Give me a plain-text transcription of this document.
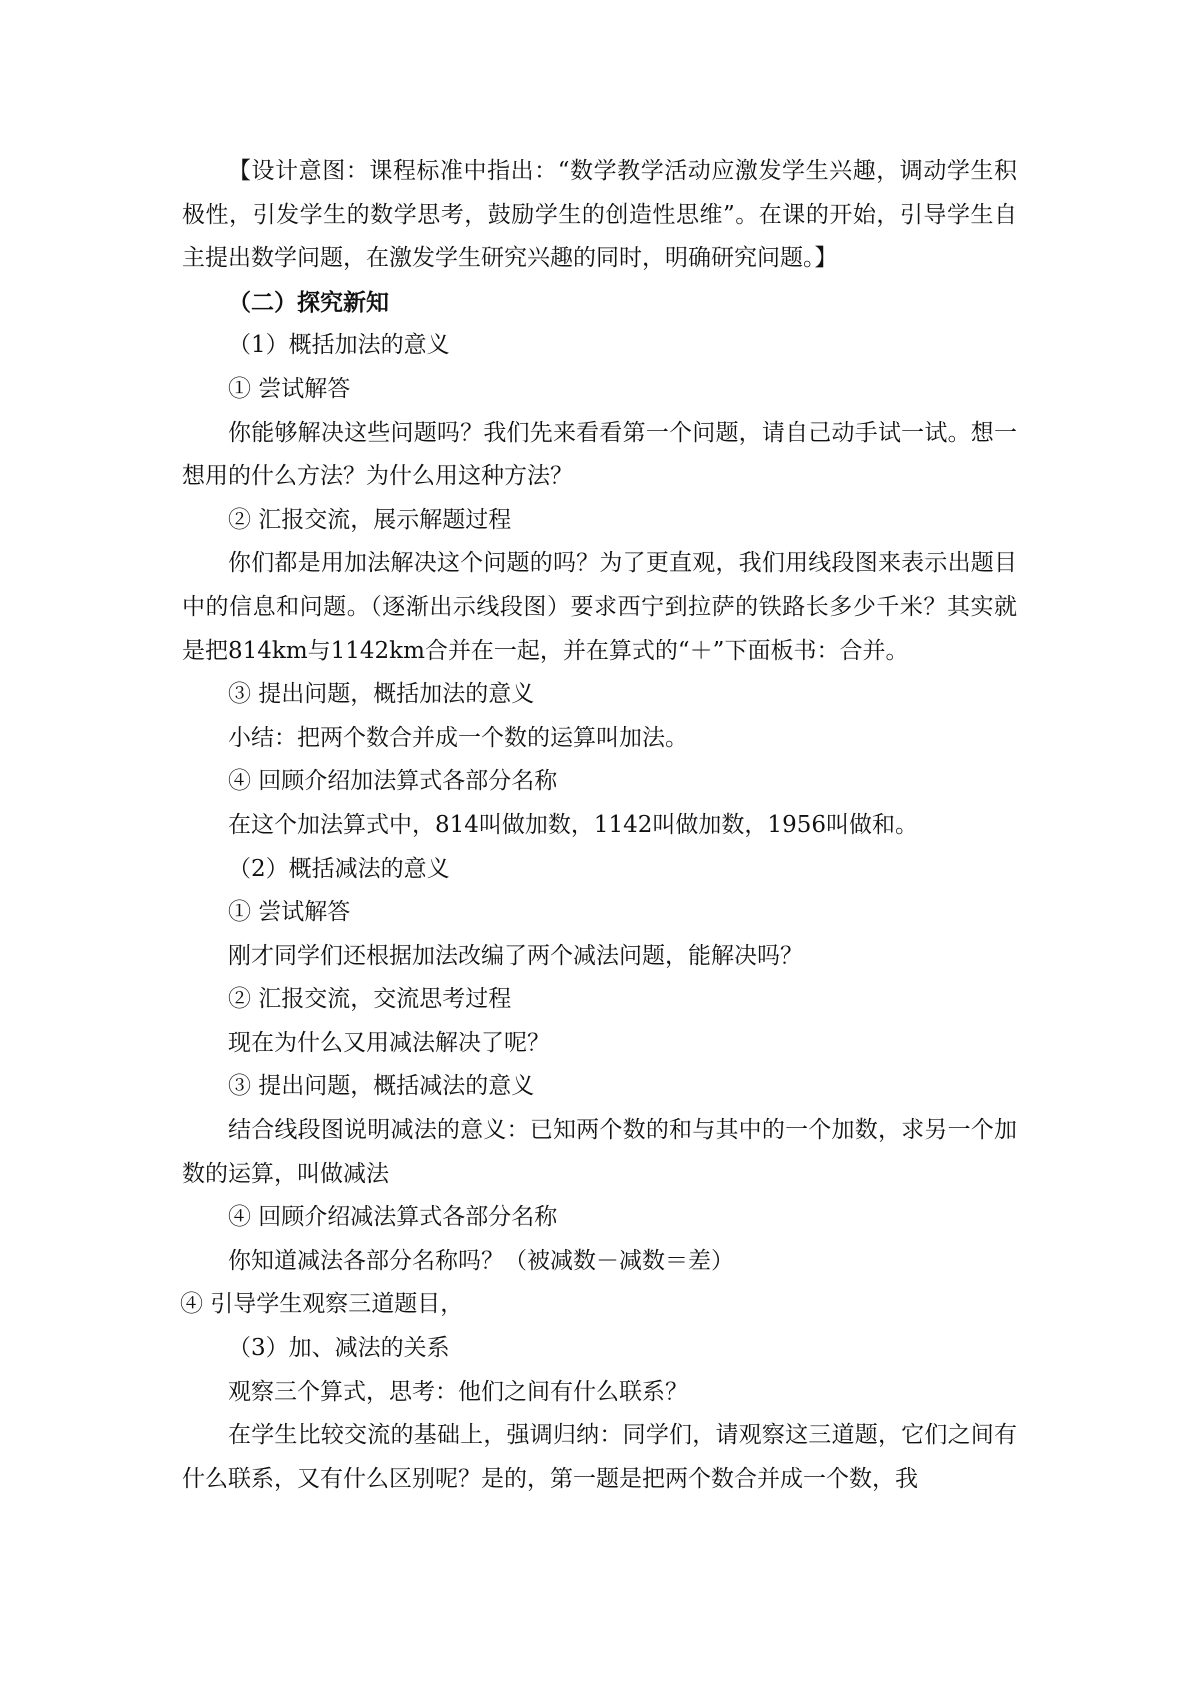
【设计意图：课程标准中指出：“数学教学活动应激发学生兴趣，调动学生积极性，引发学生的数学思考，鼓励学生的创造性思维”。在课的开始，引导学生自主提出数学问题，在激发学生研究兴趣的同时，明确研究问题。】

（二）探究新知

（1）概括加法的意义

① 尝试解答

你能够解决这些问题吗？我们先来看看第一个问题，请自己动手试一试。想一想用的什么方法？为什么用这种方法？

② 汇报交流，展示解题过程

你们都是用加法解决这个问题的吗？为了更直观，我们用线段图来表示出题目中的信息和问题。（逐渐出示线段图）要求西宁到拉萨的铁路长多少千米？其实就是把814km与1142km合并在一起，并在算式的“＋”下面板书：合并。

③ 提出问题，概括加法的意义

小结：把两个数合并成一个数的运算叫加法。

④ 回顾介绍加法算式各部分名称

在这个加法算式中，814叫做加数，1142叫做加数，1956叫做和。

（2）概括减法的意义

① 尝试解答

刚才同学们还根据加法改编了两个减法问题，能解决吗？

② 汇报交流，交流思考过程

现在为什么又用减法解决了呢？

③ 提出问题，概括减法的意义

结合线段图说明减法的意义：已知两个数的和与其中的一个加数，求另一个加数的运算，叫做减法

④ 回顾介绍减法算式各部分名称

你知道减法各部分名称吗？（被减数－减数＝差）

④ 引导学生观察三道题目，

（3）加、减法的关系

观察三个算式，思考：他们之间有什么联系？

在学生比较交流的基础上，强调归纳：同学们，请观察这三道题，它们之间有什么联系，又有什么区别呢？是的，第一题是把两个数合并成一个数，我
